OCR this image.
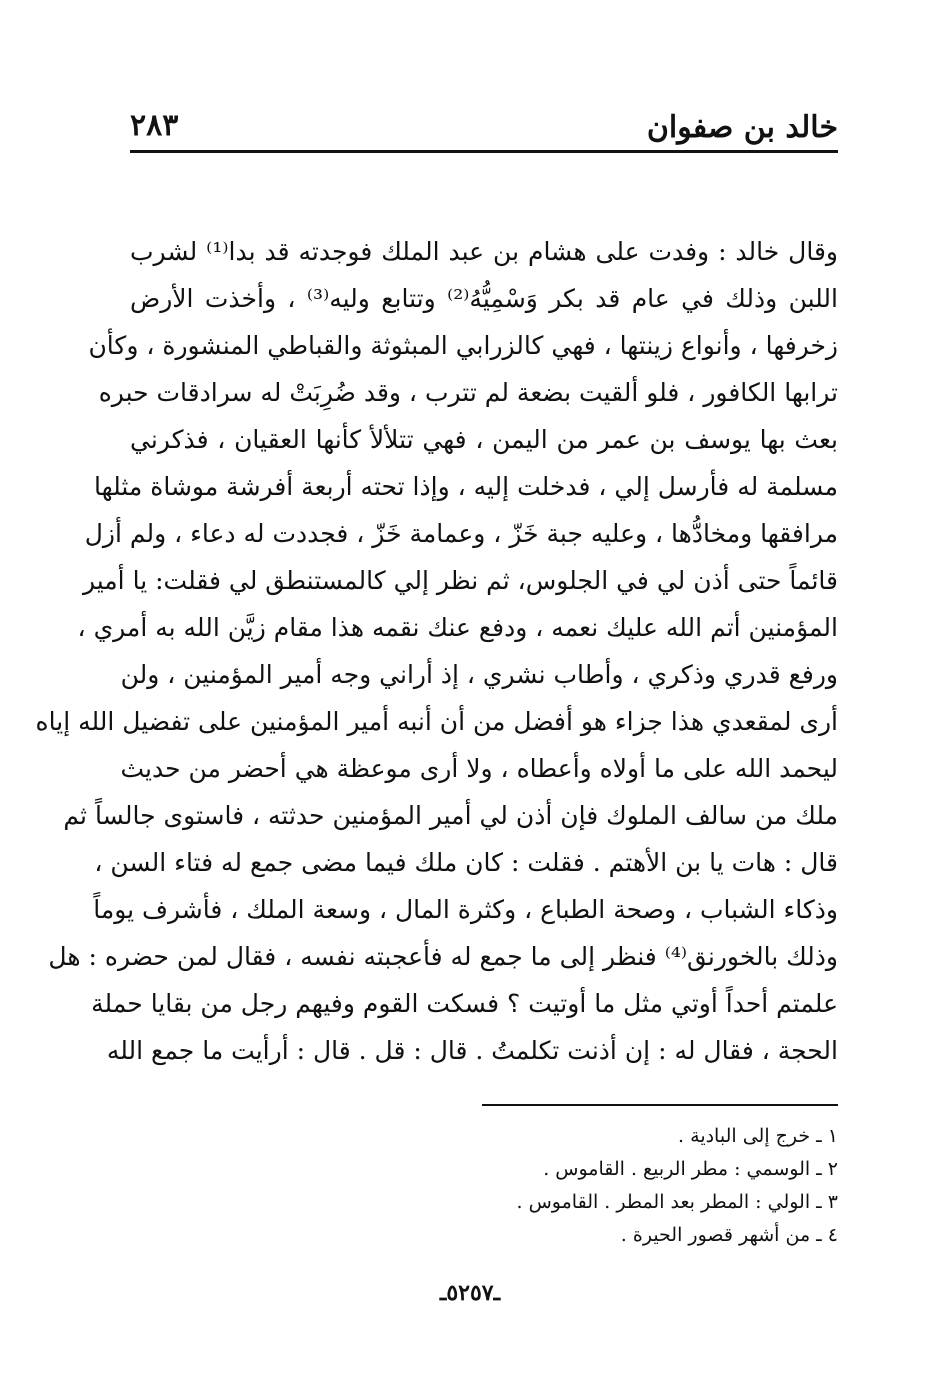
خالد بن صفوان
٢٨٣
وقال خالد : وفدت على هشام بن عبد الملك فوجدته قد بدا⁽¹⁾ لشرب
اللبن وذلك في عام قد بكر وَسْمِيُّهُ⁽²⁾ وتتابع وليه⁽³⁾ ، وأخذت الأرض
زخرفها ، وأنواع زينتها ، فهي كالزرابي المبثوثة والقباطي المنشورة ، وكأن
ترابها الكافور ، فلو ألقيت بضعة لم تترب ، وقد ضُرِبَتْ له سرادقات حبره
بعث بها يوسف بن عمر من اليمن ، فهي تتلألأ كأنها العقيان ، فذكرني
مسلمة له فأرسل إلي ، فدخلت إليه ، وإذا تحته أربعة أفرشة موشاة مثلها
مرافقها ومخادُّها ، وعليه جبة خَزّ ، وعمامة خَزّ ، فجددت له دعاء ، ولم أزل
قائماً حتى أذن لي في الجلوس، ثم نظر إلي كالمستنطق لي فقلت: يا أمير
المؤمنين أتم الله عليك نعمه ، ودفع عنك نقمه هذا مقام زيَّن الله به أمري ،
ورفع قدري وذكري ، وأطاب نشري ، إذ أراني وجه أمير المؤمنين ، ولن
أرى لمقعدي هذا جزاء هو أفضل من أن أنبه أمير المؤمنين على تفضيل الله إياه
ليحمد الله على ما أولاه وأعطاه ، ولا أرى موعظة هي أحضر من حديث
ملك من سالف الملوك فإن أذن لي أمير المؤمنين حدثته ، فاستوى جالساً ثم
قال : هات يا بن الأهتم . فقلت : كان ملك فيما مضى جمع له فتاء السن ،
وذكاء الشباب ، وصحة الطباع ، وكثرة المال ، وسعة الملك ، فأشرف يوماً
وذلك بالخورنق⁽⁴⁾ فنظر إلى ما جمع له فأعجبته نفسه ، فقال لمن حضره : هل
علمتم أحداً أوتي مثل ما أوتيت ؟ فسكت القوم وفيهم رجل من بقايا حملة
الحجة ، فقال له : إن أذنت تكلمتُ . قال : قل . قال : أرأيت ما جمع الله
١ ـ خرج إلى البادية .
٢ ـ الوسمي : مطر الربيع . القاموس .
٣ ـ الولي : المطر بعد المطر . القاموس .
٤ ـ من أشهر قصور الحيرة .
ـ٥٢٥٧ـ
